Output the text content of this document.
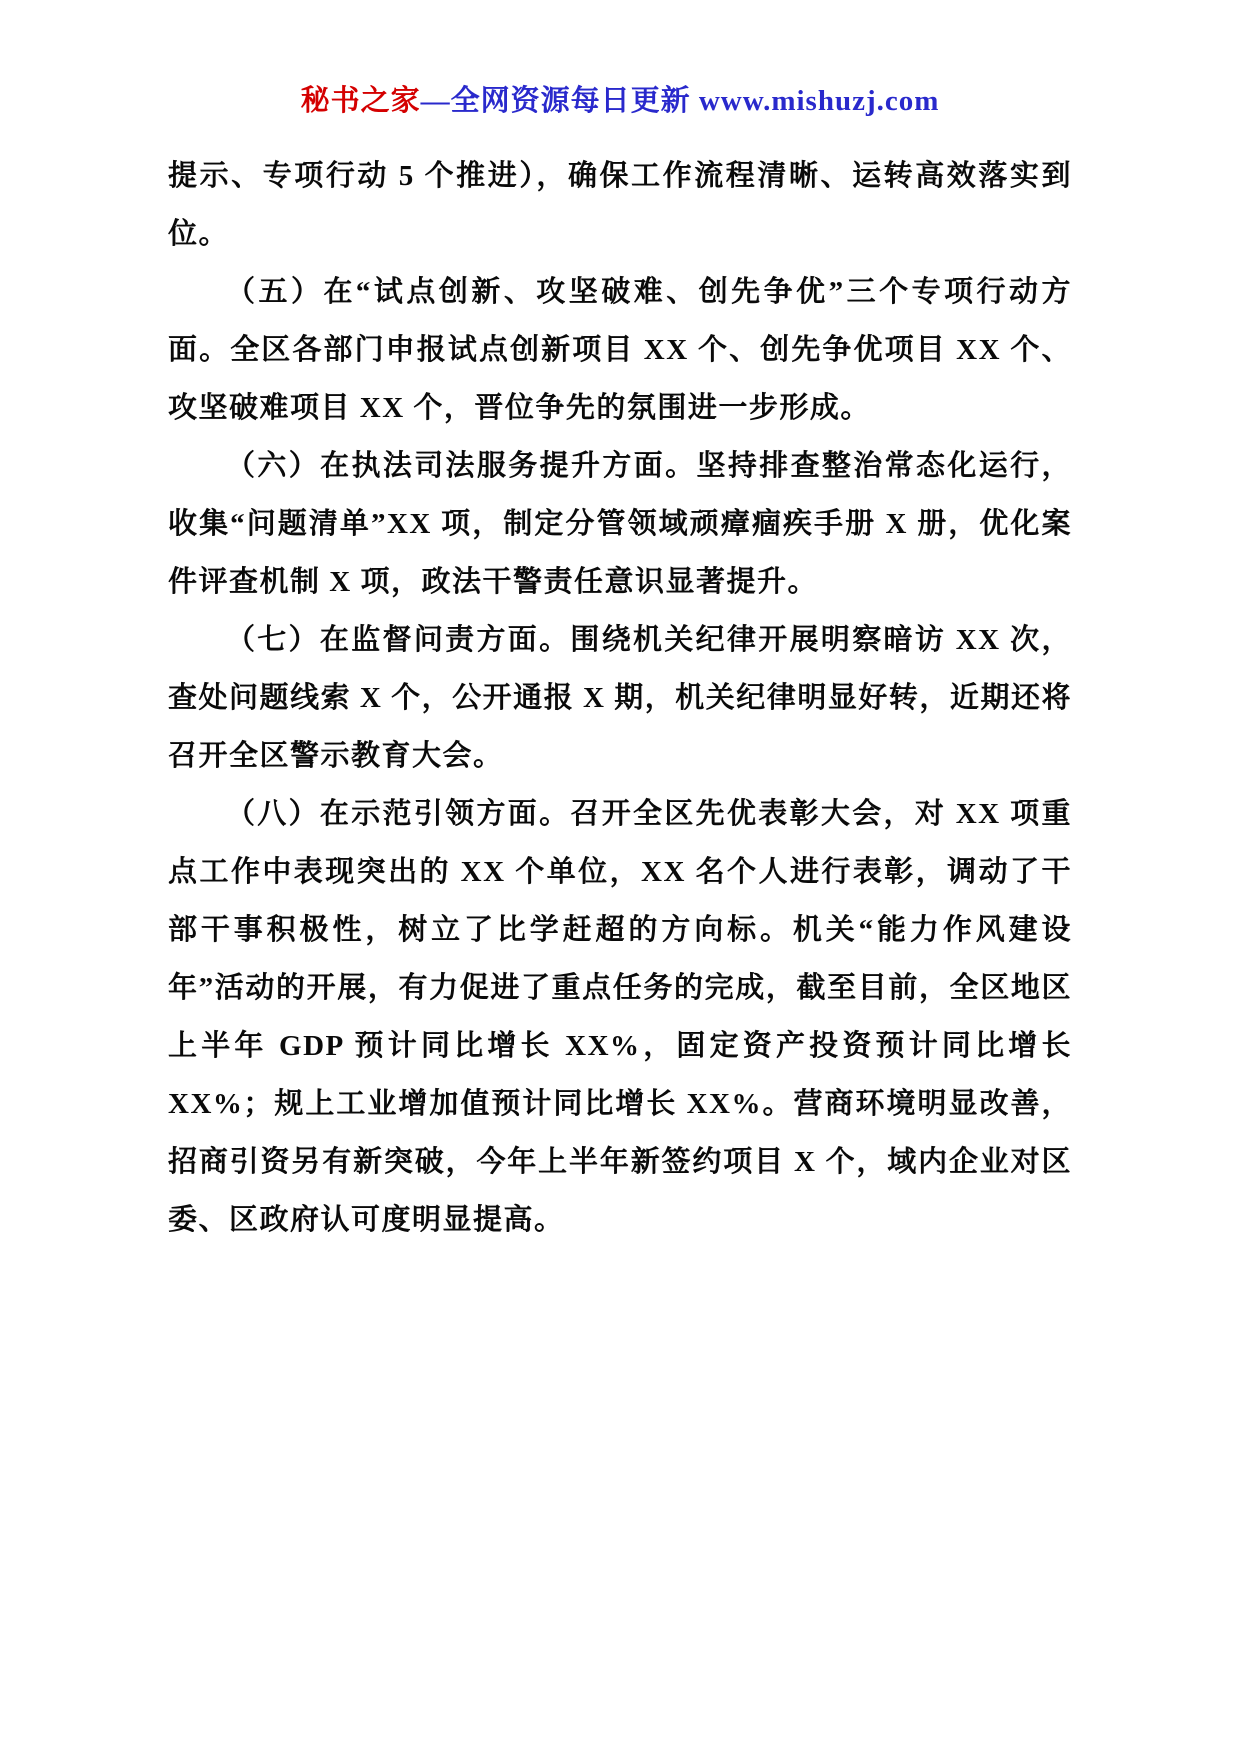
秘书之家—全网资源每日更新 www.mishuzj.com

提示、专项行动 5 个推进），确保工作流程清晰、运转高效落实到位。

（五）在“试点创新、攻坚破难、创先争优”三个专项行动方面。全区各部门申报试点创新项目 XX 个、创先争优项目 XX 个、攻坚破难项目 XX 个，晋位争先的氛围进一步形成。

（六）在执法司法服务提升方面。坚持排查整治常态化运行，收集“问题清单”XX 项，制定分管领域顽瘴痼疾手册 X 册，优化案件评查机制 X 项，政法干警责任意识显著提升。

（七）在监督问责方面。围绕机关纪律开展明察暗访 XX 次，查处问题线索 X 个，公开通报 X 期，机关纪律明显好转，近期还将召开全区警示教育大会。

（八）在示范引领方面。召开全区先优表彰大会，对 XX 项重点工作中表现突出的 XX 个单位，XX 名个人进行表彰，调动了干部干事积极性，树立了比学赶超的方向标。机关“能力作风建设年”活动的开展，有力促进了重点任务的完成，截至目前，全区地区上半年 GDP 预计同比增长 XX%，固定资产投资预计同比增长 XX%；规上工业增加值预计同比增长 XX%。营商环境明显改善，招商引资另有新突破，今年上半年新签约项目 X 个，域内企业对区委、区政府认可度明显提高。
